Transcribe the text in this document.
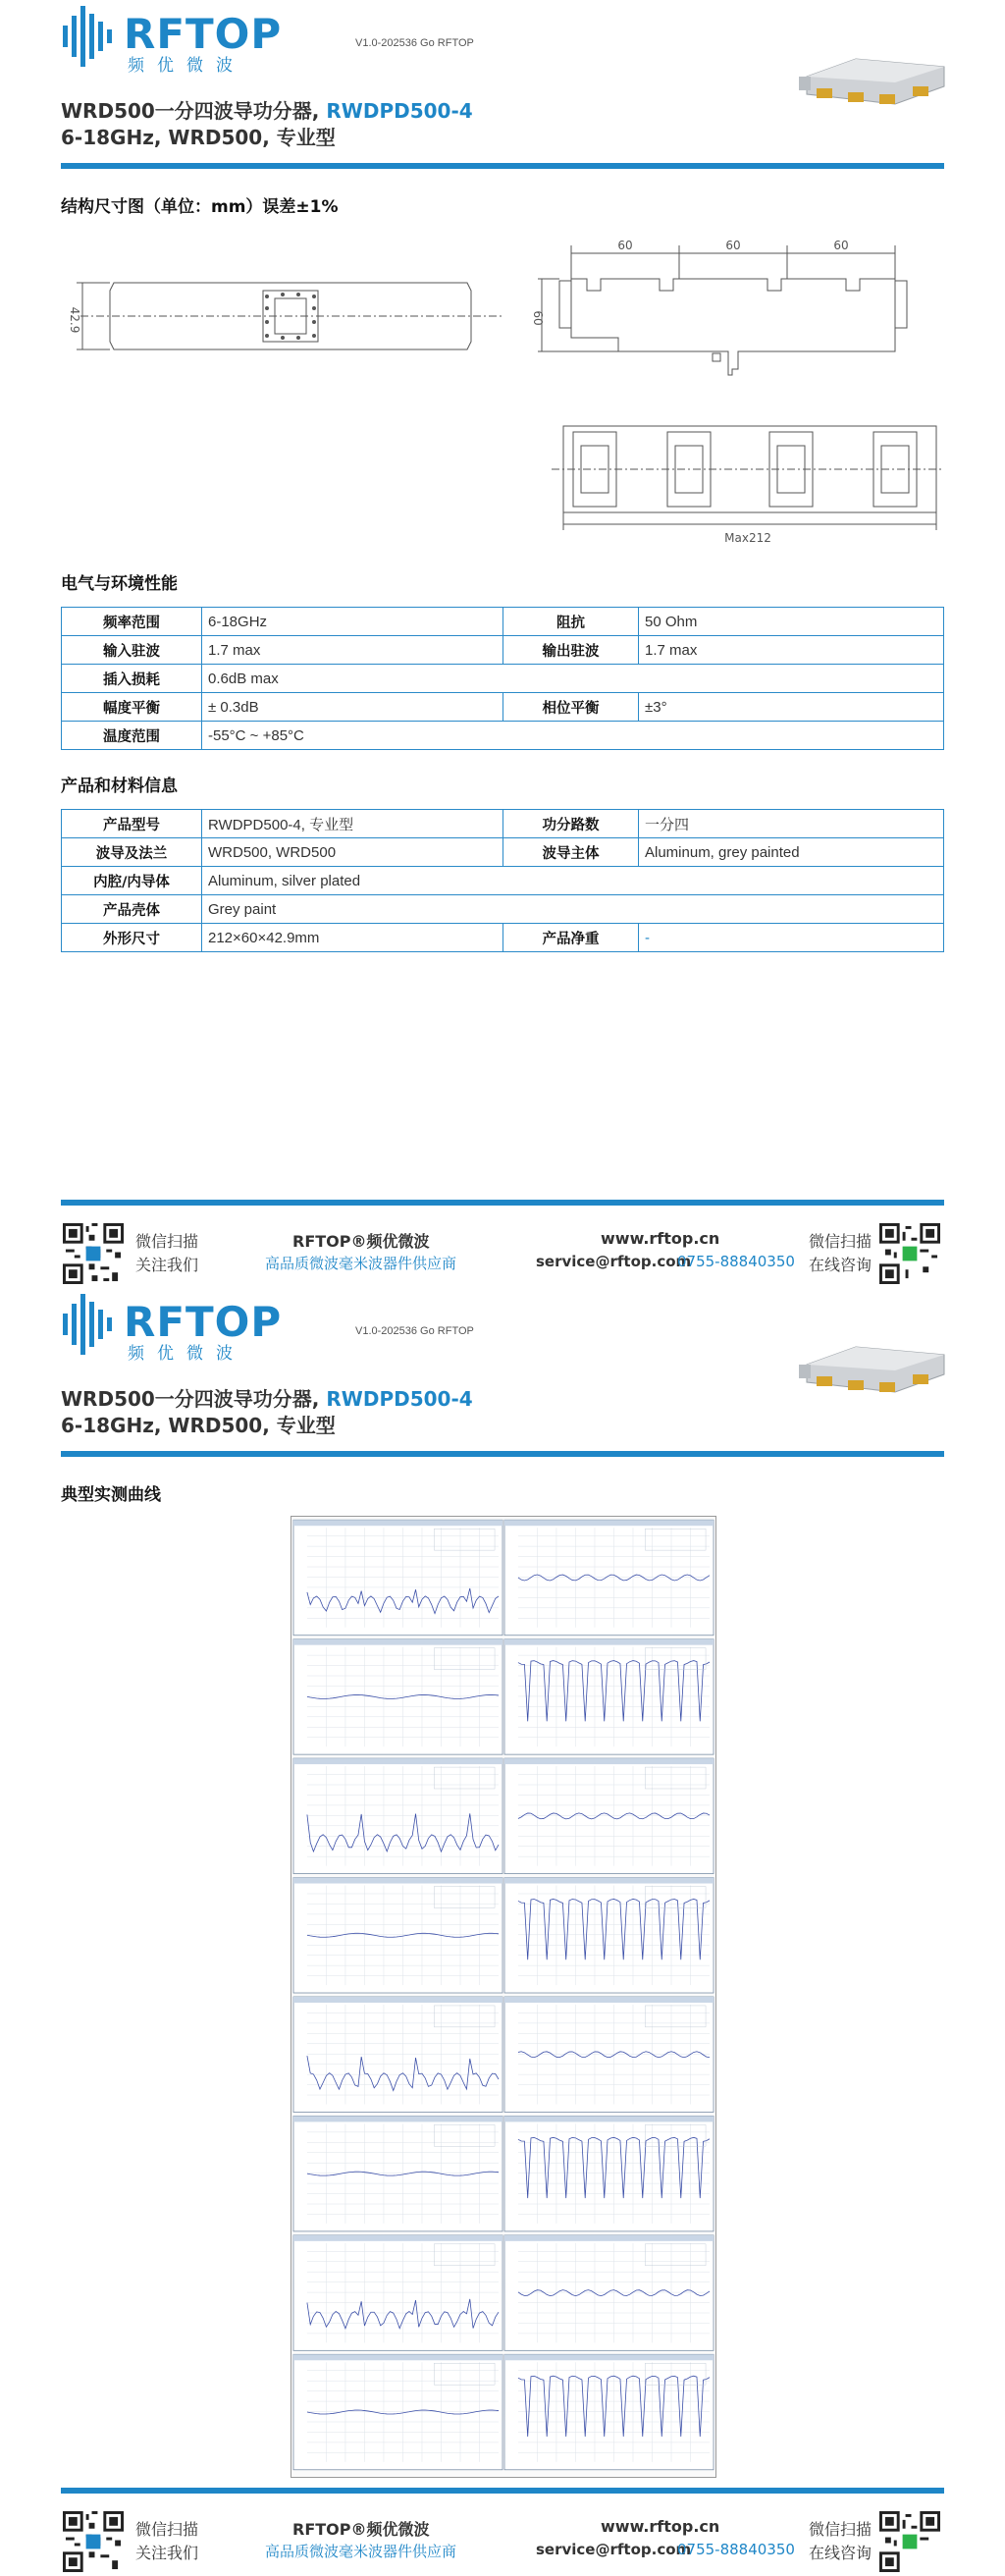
RFTOP
频优微波
V1.0-202536 Go RFTOP
WRD500一分四波导功分器, RWDPD500-4
6-18GHz, WRD500, 专业型
结构尺寸图（单位：mm）误差±1%
42.9
60	60	60
60
Max212
电气与环境性能
频率范围	6-18GHz	阻抗	50 Ohm
输入驻波	1.7 max	输出驻波	1.7 max
插入损耗	0.6dB max		
幅度平衡	± 0.3dB	相位平衡	±3°
温度范围	-55°C ~ +85°C		
产品和材料信息
产品型号	RWDPD500-4, 专业型	功分路数	一分四
波导及法兰	WRD500, WRD500	波导主体	Aluminum, grey painted
内腔/内导体	Aluminum, silver plated		
产品壳体	Grey paint		
外形尺寸	212×60×42.9mm	产品净重	-
微信扫描
关注我们
RFTOP®频优微波
高品质微波毫米波器件供应商
www.rftop.cn
service@rftop.com
0755-88840350
微信扫描
在线咨询
RFTOP
频优微波
V1.0-202536 Go RFTOP
WRD500一分四波导功分器, RWDPD500-4
6-18GHz, WRD500, 专业型
典型实测曲线
微信扫描
关注我们
RFTOP®频优微波
高品质微波毫米波器件供应商
www.rftop.cn
service@rftop.com
0755-88840350
微信扫描
在线咨询
